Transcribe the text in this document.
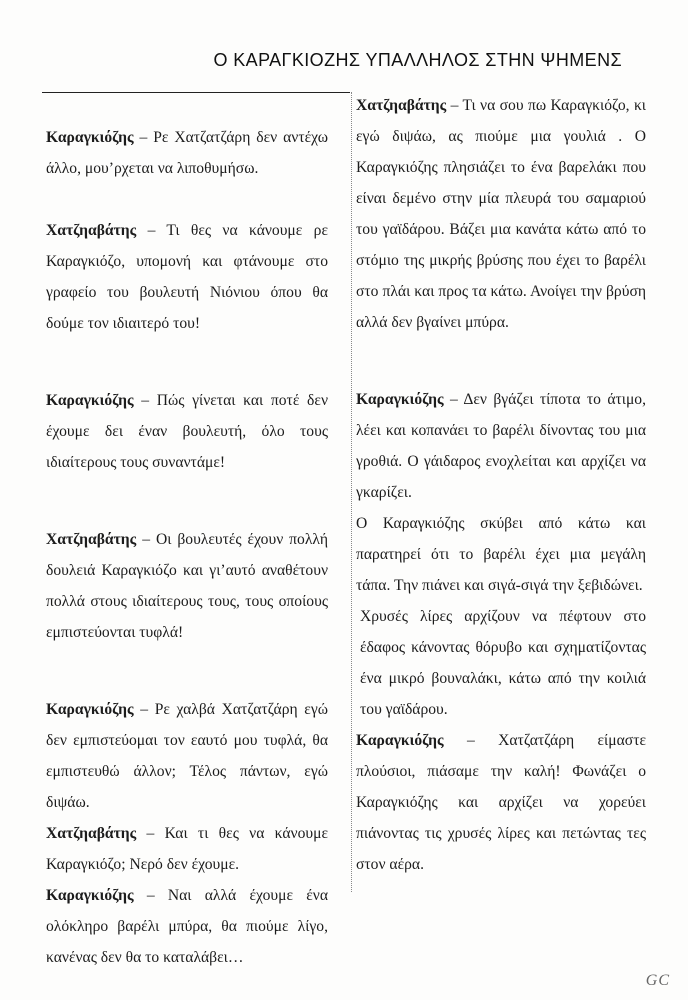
Ο ΚΑΡΑΓΚΙΟΖΗΣ ΥΠΑΛΛΗΛΟΣ ΣΤΗΝ ΨΗΜΕΝΣ

Καραγκιόζης – Ρε Χατζατζάρη δεν αντέχω άλλο, μου’ρχεται να λιποθυμήσω.

Χατζηαβάτης – Τι θες να κάνουμε ρε Καραγκιόζο, υπομονή και φτάνουμε στο γραφείο του βουλευτή Νιόνιου όπου θα δούμε τον ιδιαιτερό του!

Καραγκιόζης – Πώς γίνεται και ποτέ δεν έχουμε δει έναν βουλευτή, όλο τους ιδιαίτερους τους συναντάμε!

Χατζηαβάτης – Οι βουλευτές έχουν πολλή δουλειά Καραγκιόζο και γι’αυτό αναθέτουν πολλά στους ιδιαίτερους τους, τους οποίους εμπιστεύονται τυφλά!

Καραγκιόζης – Ρε χαλβά Χατζατζάρη εγώ δεν εμπιστεύομαι τον εαυτό μου τυφλά, θα εμπιστευθώ άλλον; Τέλος πάντων, εγώ διψάω.

Χατζηαβάτης – Και τι θες να κάνουμε Καραγκιόζο; Νερό δεν έχουμε.

Καραγκιόζης – Ναι αλλά έχουμε ένα ολόκληρο βαρέλι μπύρα, θα πιούμε λίγο, κανένας δεν θα το καταλάβει…

Χατζηαβάτης – Τι να σου πω Καραγκιόζο, κι εγώ διψάω, ας πιούμε μια γουλιά . Ο Καραγκιόζης πλησιάζει το ένα βαρελάκι που είναι δεμένο στην μία πλευρά του σαμαριού του γαϊδάρου. Βάζει μια κανάτα κάτω από το στόμιο της μικρής βρύσης που έχει το βαρέλι στο πλάι και προς τα κάτω. Ανοίγει την βρύση αλλά δεν βγαίνει μπύρα.

Καραγκιόζης – Δεν βγάζει τίποτα το άτιμο, λέει και κοπανάει το βαρέλι δίνοντας του μια γροθιά. Ο γάιδαρος ενοχλείται και αρχίζει να γκαρίζει.

Ο Καραγκιόζης σκύβει από κάτω και παρατηρεί ότι το βαρέλι έχει μια μεγάλη τάπα. Την πιάνει και σιγά-σιγά την ξεβιδώνει.

Χρυσές λίρες αρχίζουν να πέφτουν στο έδαφος κάνοντας θόρυβο και σχηματίζοντας ένα μικρό βουναλάκι, κάτω από την κοιλιά του γαϊδάρου.

Καραγκιόζης – Χατζατζάρη είμαστε πλούσιοι, πιάσαμε την καλή! Φωνάζει ο Καραγκιόζης και αρχίζει να χορεύει πιάνοντας τις χρυσές λίρες και πετώντας τες στον αέρα.

GC
